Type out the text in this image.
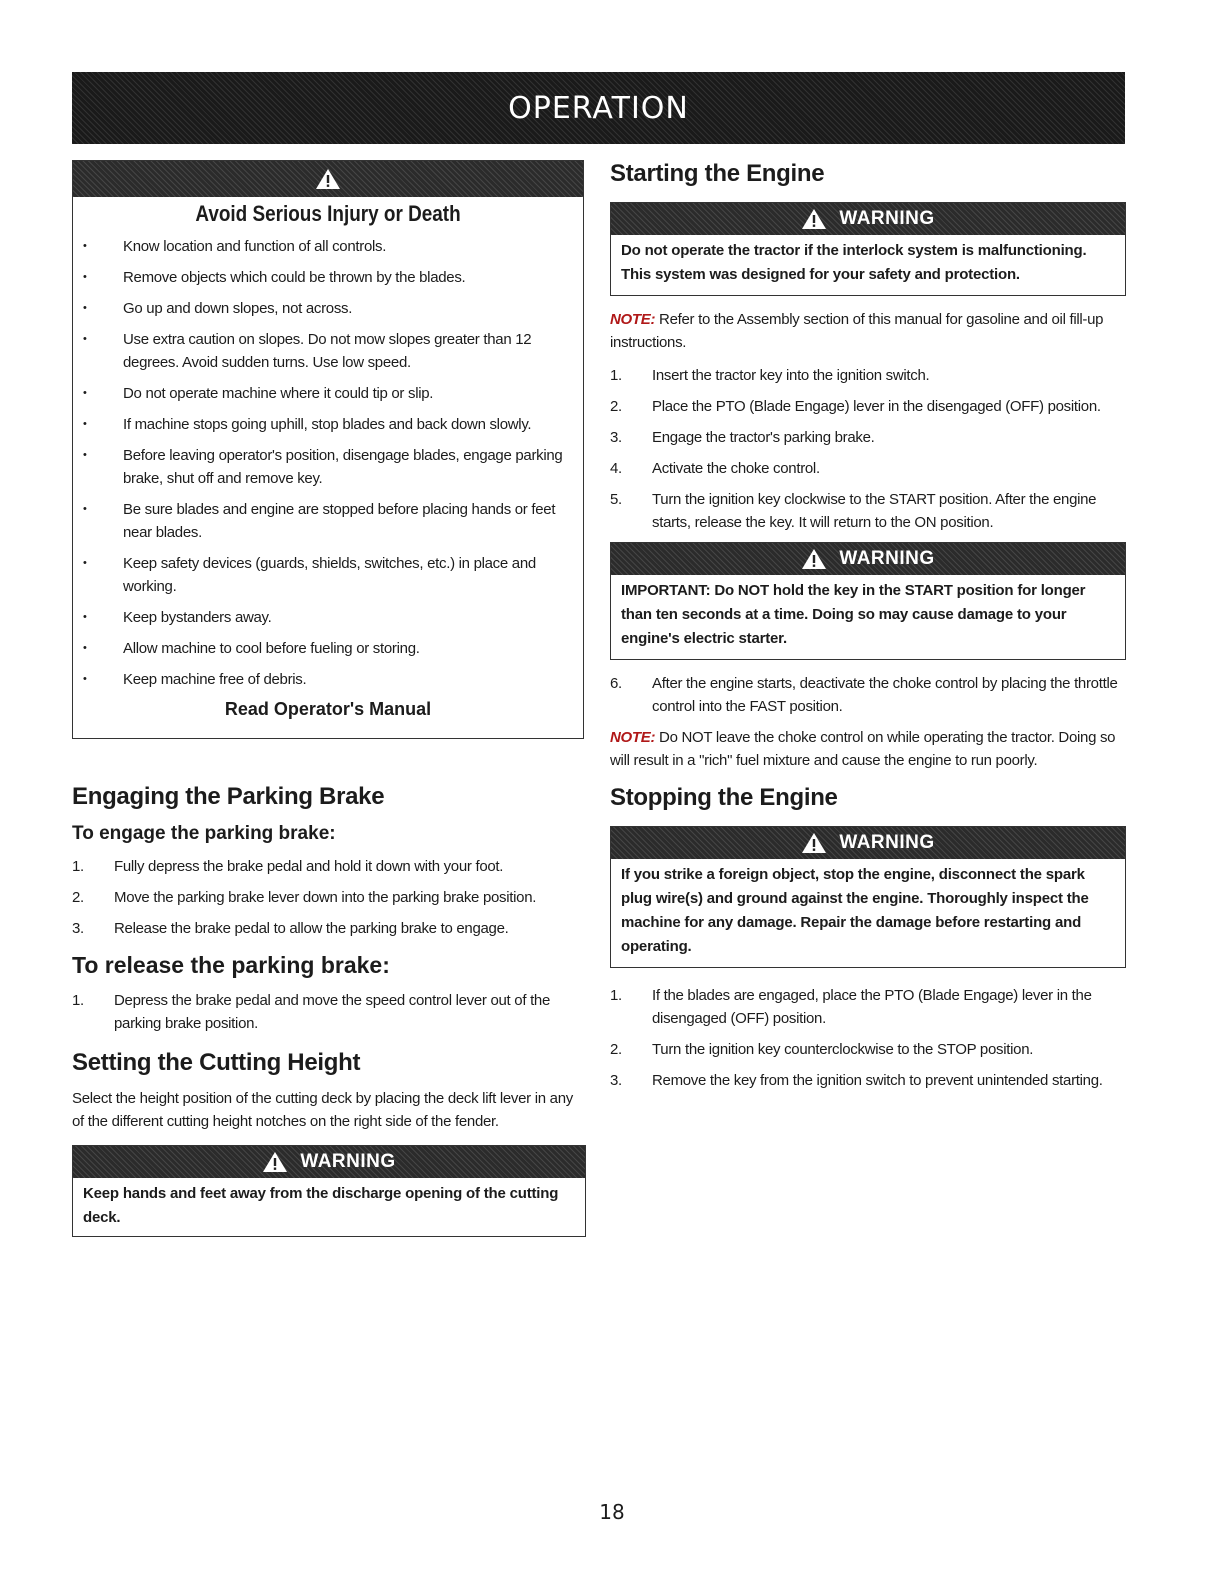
OPERATION
Avoid Serious Injury or Death
• Know location and function of all controls.
• Remove objects which could be thrown by the blades.
• Go up and down slopes, not across.
• Use extra caution on slopes. Do not mow slopes greater than 12 degrees. Avoid sudden turns. Use low speed.
• Do not operate machine where it could tip or slip.
• If machine stops going uphill, stop blades and back down slowly.
• Before leaving operator's position, disengage blades, engage parking brake, shut off and remove key.
• Be sure blades and engine are stopped before placing hands or feet near blades.
• Keep safety devices (guards, shields, switches, etc.) in place and working.
• Keep bystanders away.
• Allow machine to cool before fueling or storing.
• Keep machine free of debris.
Read Operator's Manual
Engaging the Parking Brake
To engage the parking brake:
1. Fully depress the brake pedal and hold it down with your foot.
2. Move the parking brake lever down into the parking brake position.
3. Release the brake pedal to allow the parking brake to engage.
To release the parking brake:
1. Depress the brake pedal and move the speed control lever out of the parking brake position.
Setting the Cutting Height

Select the height position of the cutting deck by placing the deck lift lever in any of the different cutting height notches on the right side of the fender.

WARNING
Keep hands and feet away from the discharge opening of the cutting deck.
Starting the Engine
WARNING
Do not operate the tractor if the interlock system is malfunctioning. This system was designed for your safety and protection.

NOTE: Refer to the Assembly section of this manual for gasoline and oil fill-up instructions.

1. Insert the tractor key into the ignition switch.
2. Place the PTO (Blade Engage) lever in the disengaged (OFF) position.
3. Engage the tractor's parking brake.
4. Activate the choke control.
5. Turn the ignition key clockwise to the START position. After the engine starts, release the key. It will return to the ON position.
WARNING
IMPORTANT: Do NOT hold the key in the START position for longer than ten seconds at a time. Doing so may cause damage to your engine's electric starter.
6. After the engine starts, deactivate the choke control by placing the throttle control into the FAST position.

NOTE: Do NOT leave the choke control on while operating the tractor. Doing so will result in a "rich" fuel mixture and cause the engine to run poorly.

Stopping the Engine
WARNING
If you strike a foreign object, stop the engine, disconnect the spark plug wire(s) and ground against the engine. Thoroughly inspect the machine for any damage. Repair the damage before restarting and operating.
1. If the blades are engaged, place the PTO (Blade Engage) lever in the disengaged (OFF) position.
2. Turn the ignition key counterclockwise to the STOP position.
3. Remove the key from the ignition switch to prevent unintended starting.
18
